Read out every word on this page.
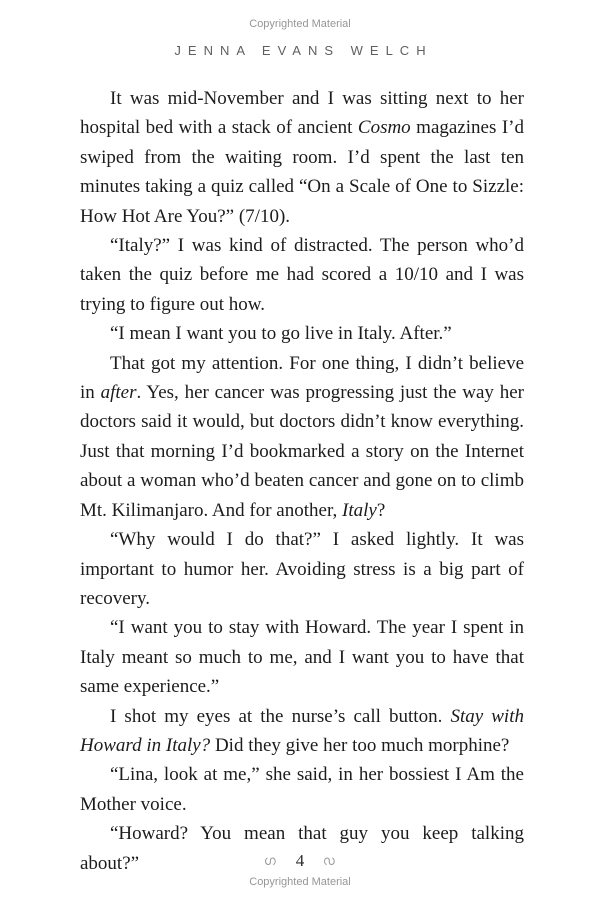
Copyrighted Material
JENNA EVANS WELCH

It was mid-November and I was sitting next to her hospital bed with a stack of ancient Cosmo magazines I’d swiped from the waiting room. I’d spent the last ten minutes taking a quiz called “On a Scale of One to Sizzle: How Hot Are You?” (7/10).

“Italy?” I was kind of distracted. The person who’d taken the quiz before me had scored a 10/10 and I was trying to figure out how.

“I mean I want you to go live in Italy. After.”

That got my attention. For one thing, I didn’t believe in after. Yes, her cancer was progressing just the way her doctors said it would, but doctors didn’t know everything. Just that morning I’d bookmarked a story on the Internet about a woman who’d beaten cancer and gone on to climb Mt. Kilimanjaro. And for another, Italy?

“Why would I do that?” I asked lightly. It was important to humor her. Avoiding stress is a big part of recovery.

“I want you to stay with Howard. The year I spent in Italy meant so much to me, and I want you to have that same experience.”

I shot my eyes at the nurse’s call button. Stay with Howard in Italy? Did they give her too much morphine?

“Lina, look at me,” she said, in her bossiest I Am the Mother voice.

“Howard? You mean that guy you keep talking about?”	ഗ 4 ഗ
Copyrighted Material
